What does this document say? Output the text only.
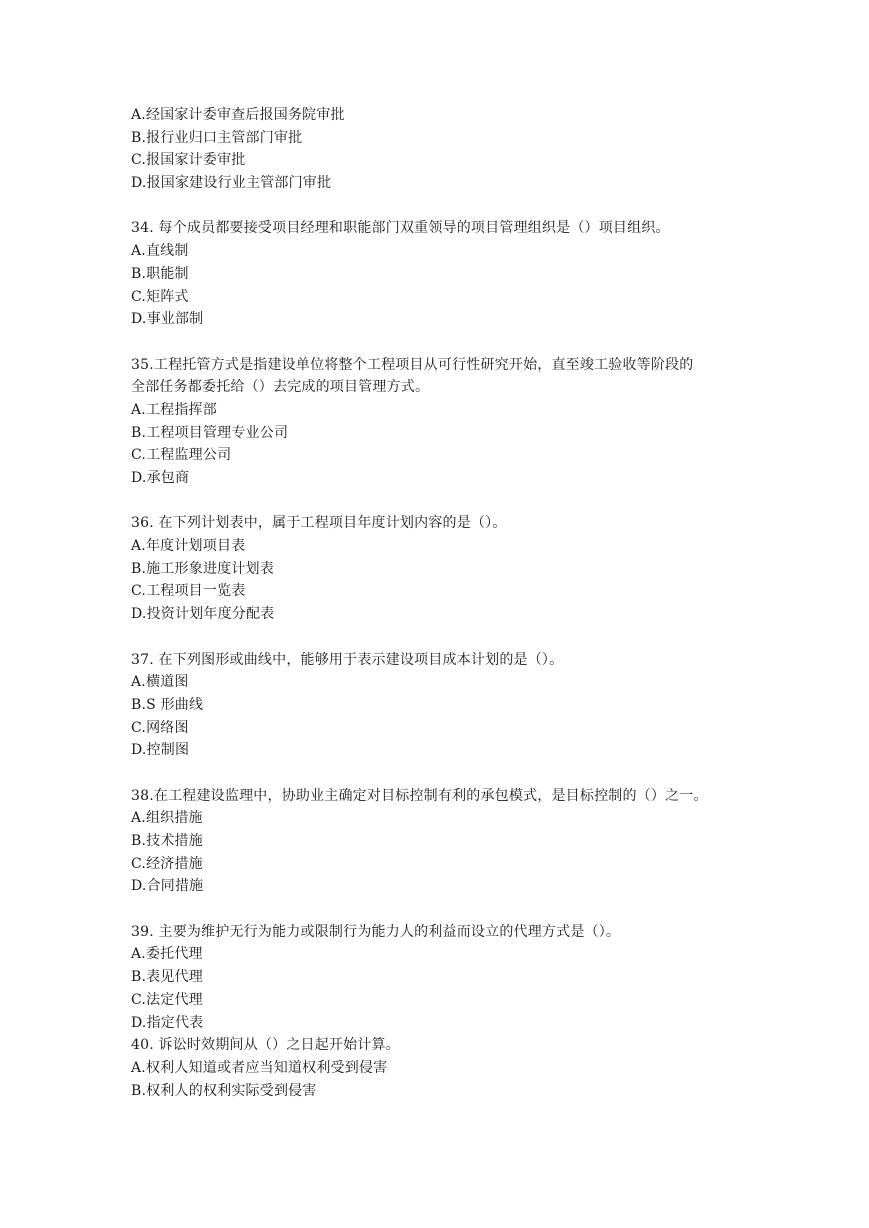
A.经国家计委审查后报国务院审批
B.报行业归口主管部门审批
C.报国家计委审批
D.报国家建设行业主管部门审批
34. 每个成员都要接受项目经理和职能部门双重领导的项目管理组织是（）项目组织。
A.直线制
B.职能制
C.矩阵式
D.事业部制
35.工程托管方式是指建设单位将整个工程项目从可行性研究开始，直至竣工验收等阶段的
全部任务都委托给（）去完成的项目管理方式。
A.工程指挥部
B.工程项目管理专业公司
C.工程监理公司
D.承包商
36. 在下列计划表中，属于工程项目年度计划内容的是（）。
A.年度计划项目表
B.施工形象进度计划表
C.工程项目一览表
D.投资计划年度分配表
37. 在下列图形或曲线中，能够用于表示建设项目成本计划的是（）。
A.横道图
B.S 形曲线
C.网络图
D.控制图
38.在工程建设监理中，协助业主确定对目标控制有利的承包模式，是目标控制的（）之一。
A.组织措施
B.技术措施
C.经济措施
D.合同措施
39. 主要为维护无行为能力或限制行为能力人的利益而设立的代理方式是（）。
A.委托代理
B.表见代理
C.法定代理
D.指定代表
40. 诉讼时效期间从（）之日起开始计算。
A.权利人知道或者应当知道权利受到侵害
B.权利人的权利实际受到侵害
